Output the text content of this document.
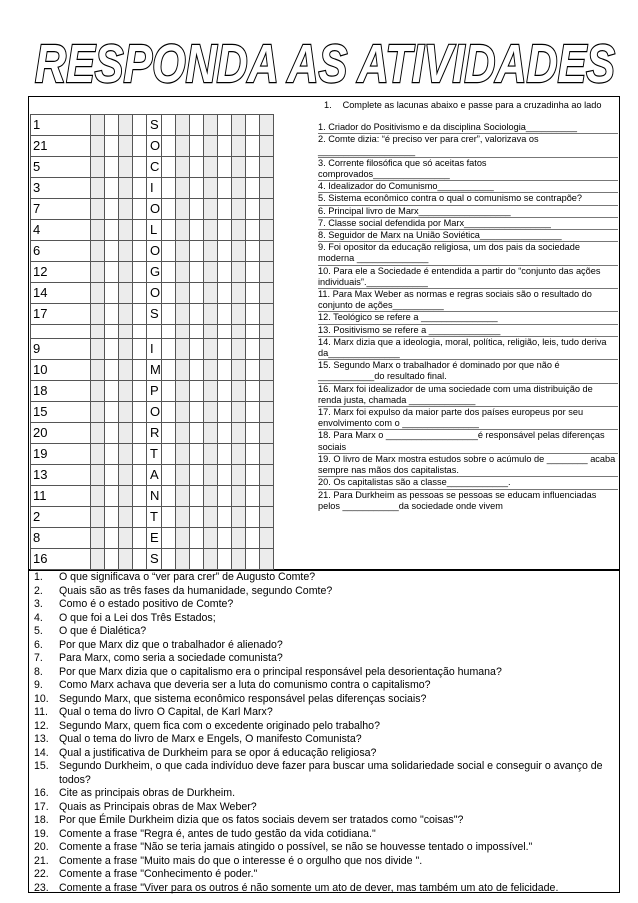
RESPONDA AS ATIVIDADES
1					S								
21					O								
5					C								
3					I								
7					O								
4					L								
6					O								
12					G								
14					O								
17					S								

9					I								
10					M								
18					P								
15					O								
20					R								
19					T								
13					A								
11					N								
2					T								
8					E								
16					S								
1. Complete as lacunas abaixo e passe para a cruzadinha ao lado

1. Criador do Positivismo e da disciplina Sociologia__________

2. Comte dizia: “é preciso ver para crer”, valorizava os ___________________

3. Corrente filosófica que só aceitas fatos comprovados_______________

4. Idealizador do Comunismo___________

5. Sistema econômico contra o qual o comunismo se contrapõe?

6. Principal livro de Marx__________________

7. Classe social defendida por Marx_________________

8. Seguidor de Marx na União Soviética________________

9. Foi opositor da educação religiosa, um dos pais da sociedade moderna ______________

10. Para ele a Sociedade é entendida a partir do “conjunto das ações individuais”.____________

11. Para Max Weber as normas e regras sociais são o resultado do conjunto de ações__________

12. Teológico se refere a _______________

13. Positivismo se refere a ______________

14. Marx dizia que a ideologia, moral, política, religião, leis, tudo deriva da______________

15. Segundo Marx o trabalhador é dominado por que não é ___________do resultado final.

16. Marx foi idealizador de uma sociedade com uma distribuição de renda justa, chamada _____________

17. Marx foi expulso da maior parte dos países europeus por seu envolvimento com o _______________

18. Para Marx o __________________é responsável pelas diferenças sociais

19. O livro de Marx mostra estudos sobre o acúmulo de ________ acaba sempre nas mãos dos capitalistas.

20. Os capitalistas são a classe____________.

21. Para Durkheim as pessoas se pessoas se educam influenciadas pelos ___________da sociedade onde vivem

1.	O que significava o “ver para crer” de Augusto Comte?
2.	Quais são as três fases da humanidade, segundo Comte?
3.	Como é o estado positivo de Comte?
4.	O que foi a Lei dos Três Estados;
5.	O que é Dialética?
6.	Por que Marx diz que o trabalhador é alienado?
7.	Para Marx, como seria a sociedade comunista?
8.	Por que Marx dizia que o capitalismo era o principal responsável pela desorientação humana?
9.	Como Marx achava que deveria ser a luta do comunismo contra o capitalismo?
10. Segundo Marx, que sistema econômico responsável pelas diferenças sociais?
11.	Qual o tema do livro O Capital, de Karl Marx?
12. Segundo Marx, quem fica com o excedente originado pelo trabalho?
13. Qual o tema do livro de Marx e Engels, O manifesto Comunista?
14. Qual a justificativa de Durkheim para se opor á educação religiosa?
15. Segundo Durkheim, o que cada indivíduo deve fazer para buscar uma solidariedade social e conseguir o avanço de todos?
16. Cite as principais obras de Durkheim.
17. Quais as Principais obras de Max Weber?
18. Por que Émile Durkheim dizia que os fatos sociais devem ser tratados como "coisas"?
19. Comente a frase "Regra é, antes de tudo gestão da vida cotidiana."
20. Comente a frase "Não se teria jamais atingido o possível, se não se houvesse tentado o impossível."
21. Comente a frase "Muito mais do que o interesse é o orgulho que nos divide ".
22. Comente a frase "Conhecimento é poder."
23. Comente a frase "Viver para os outros é não somente um ato de dever, mas também um ato de felicidade.
